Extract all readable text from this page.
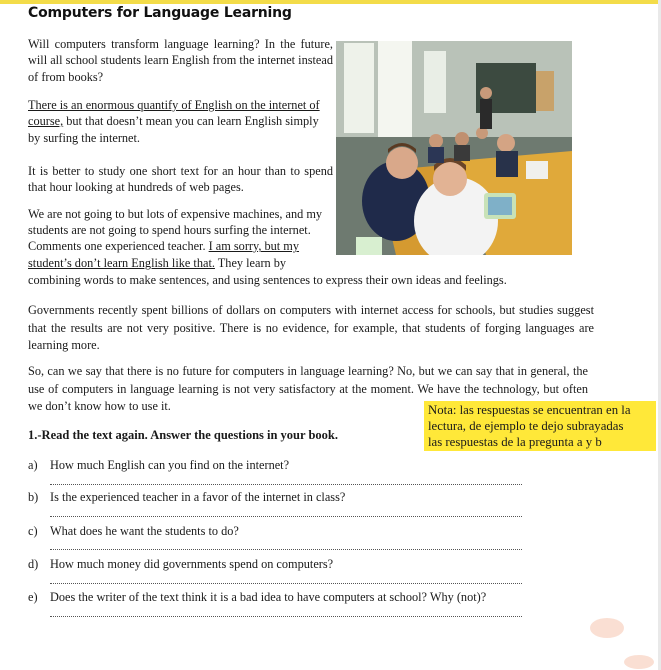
Computers for Language Learning
Will computers transform language learning? In the future, will all school students learn English from the internet instead of from books?
There is an enormous quantify of English on the internet of
course, but that doesn’t mean you can learn English simply
by surfing the internet.
It is better to study one short text for an hour than to spend that hour looking at hundreds of web pages.
We are not going to but lots of expensive machines, and my
students are not going to spend hours surfing the internet.
Comments one experienced teacher. I am sorry, but my
student’s don’t learn English like that. They learn by
combining words to make sentences, and using sentences to express their own ideas and feelings.
Governments recently spent billions of dollars on computers with internet access for schools, but studies suggest that the results are not very positive. There is no evidence, for example, that students of forging languages are learning more.
So, can we say that there is no future for computers in language learning? No, but we can say that in general, the use of computers in language learning is not very satisfactory at the moment. We have the technology, but often we don’t know how to use it.	Nota: las respuestas se encuentran en la
lectura, de ejemplo te dejo subrayadas
las respuestas de la pregunta a y b
1.-Read the text again. Answer the questions in your book.
a) How much English can you find on the internet?
b) Is the experienced teacher in a favor of the internet in class?
c) What does he want the students to do?
d) How much money did governments spend on computers?
e) Does the writer of the text think it is a bad idea to have computers at school? Why (not)?
